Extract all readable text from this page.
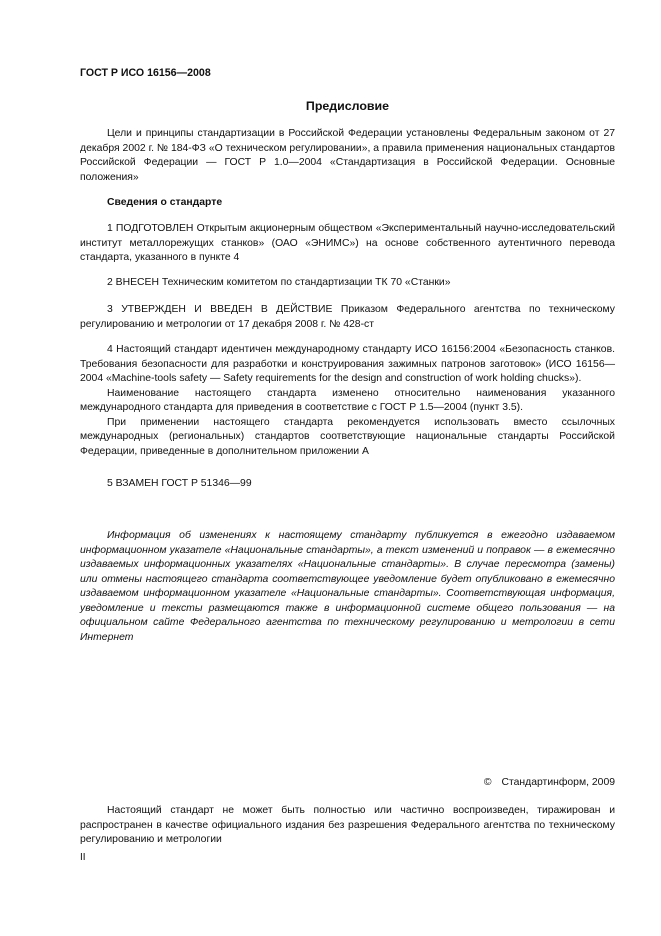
ГОСТ Р ИСО 16156—2008
Предисловие

Цели и принципы стандартизации в Российской Федерации установлены Федеральным законом от 27 декабря 2002 г. № 184-ФЗ «О техническом регулировании», а правила применения национальных стандартов Российской Федерации — ГОСТ Р 1.0—2004 «Стандартизация в Российской Федерации. Основные положения»

Сведения о стандарте

1 ПОДГОТОВЛЕН Открытым акционерным обществом «Экспериментальный научно-исследовательский институт металлорежущих станков» (ОАО «ЭНИМС») на основе собственного аутентичного перевода стандарта, указанного в пункте 4

2 ВНЕСЕН Техническим комитетом по стандартизации ТК 70 «Станки»

3 УТВЕРЖДЕН И ВВЕДЕН В ДЕЙСТВИЕ Приказом Федерального агентства по техническому регулированию и метрологии от 17 декабря 2008 г. № 428-ст

4 Настоящий стандарт идентичен международному стандарту ИСО 16156:2004 «Безопасность станков. Требования безопасности для разработки и конструирования зажимных патронов заготовок» (ИСО 16156—2004 «Machine-tools safety — Safety requirements for the design and construction of work holding chucks»).

Наименование настоящего стандарта изменено относительно наименования указанного международного стандарта для приведения в соответствие с ГОСТ Р 1.5—2004 (пункт 3.5).

При применении настоящего стандарта рекомендуется использовать вместо ссылочных международных (региональных) стандартов соответствующие национальные стандарты Российской Федерации, приведенные в дополнительном приложении А

5 ВЗАМЕН ГОСТ Р 51346—99

Информация об изменениях к настоящему стандарту публикуется в ежегодно издаваемом информационном указателе «Национальные стандарты», а текст изменений и поправок — в ежемесячно издаваемых информационных указателях «Национальные стандарты». В случае пересмотра (замены) или отмены настоящего стандарта соответствующее уведомление будет опубликовано в ежемесячно издаваемом информационном указателе «Национальные стандарты». Соответствующая информация, уведомление и тексты размещаются также в информационной системе общего пользования — на официальном сайте Федерального агентства по техническому регулированию и метрологии в сети Интернет

© Стандартинформ, 2009

Настоящий стандарт не может быть полностью или частично воспроизведен, тиражирован и распространен в качестве официального издания без разрешения Федерального агентства по техническому регулированию и метрологии

II
